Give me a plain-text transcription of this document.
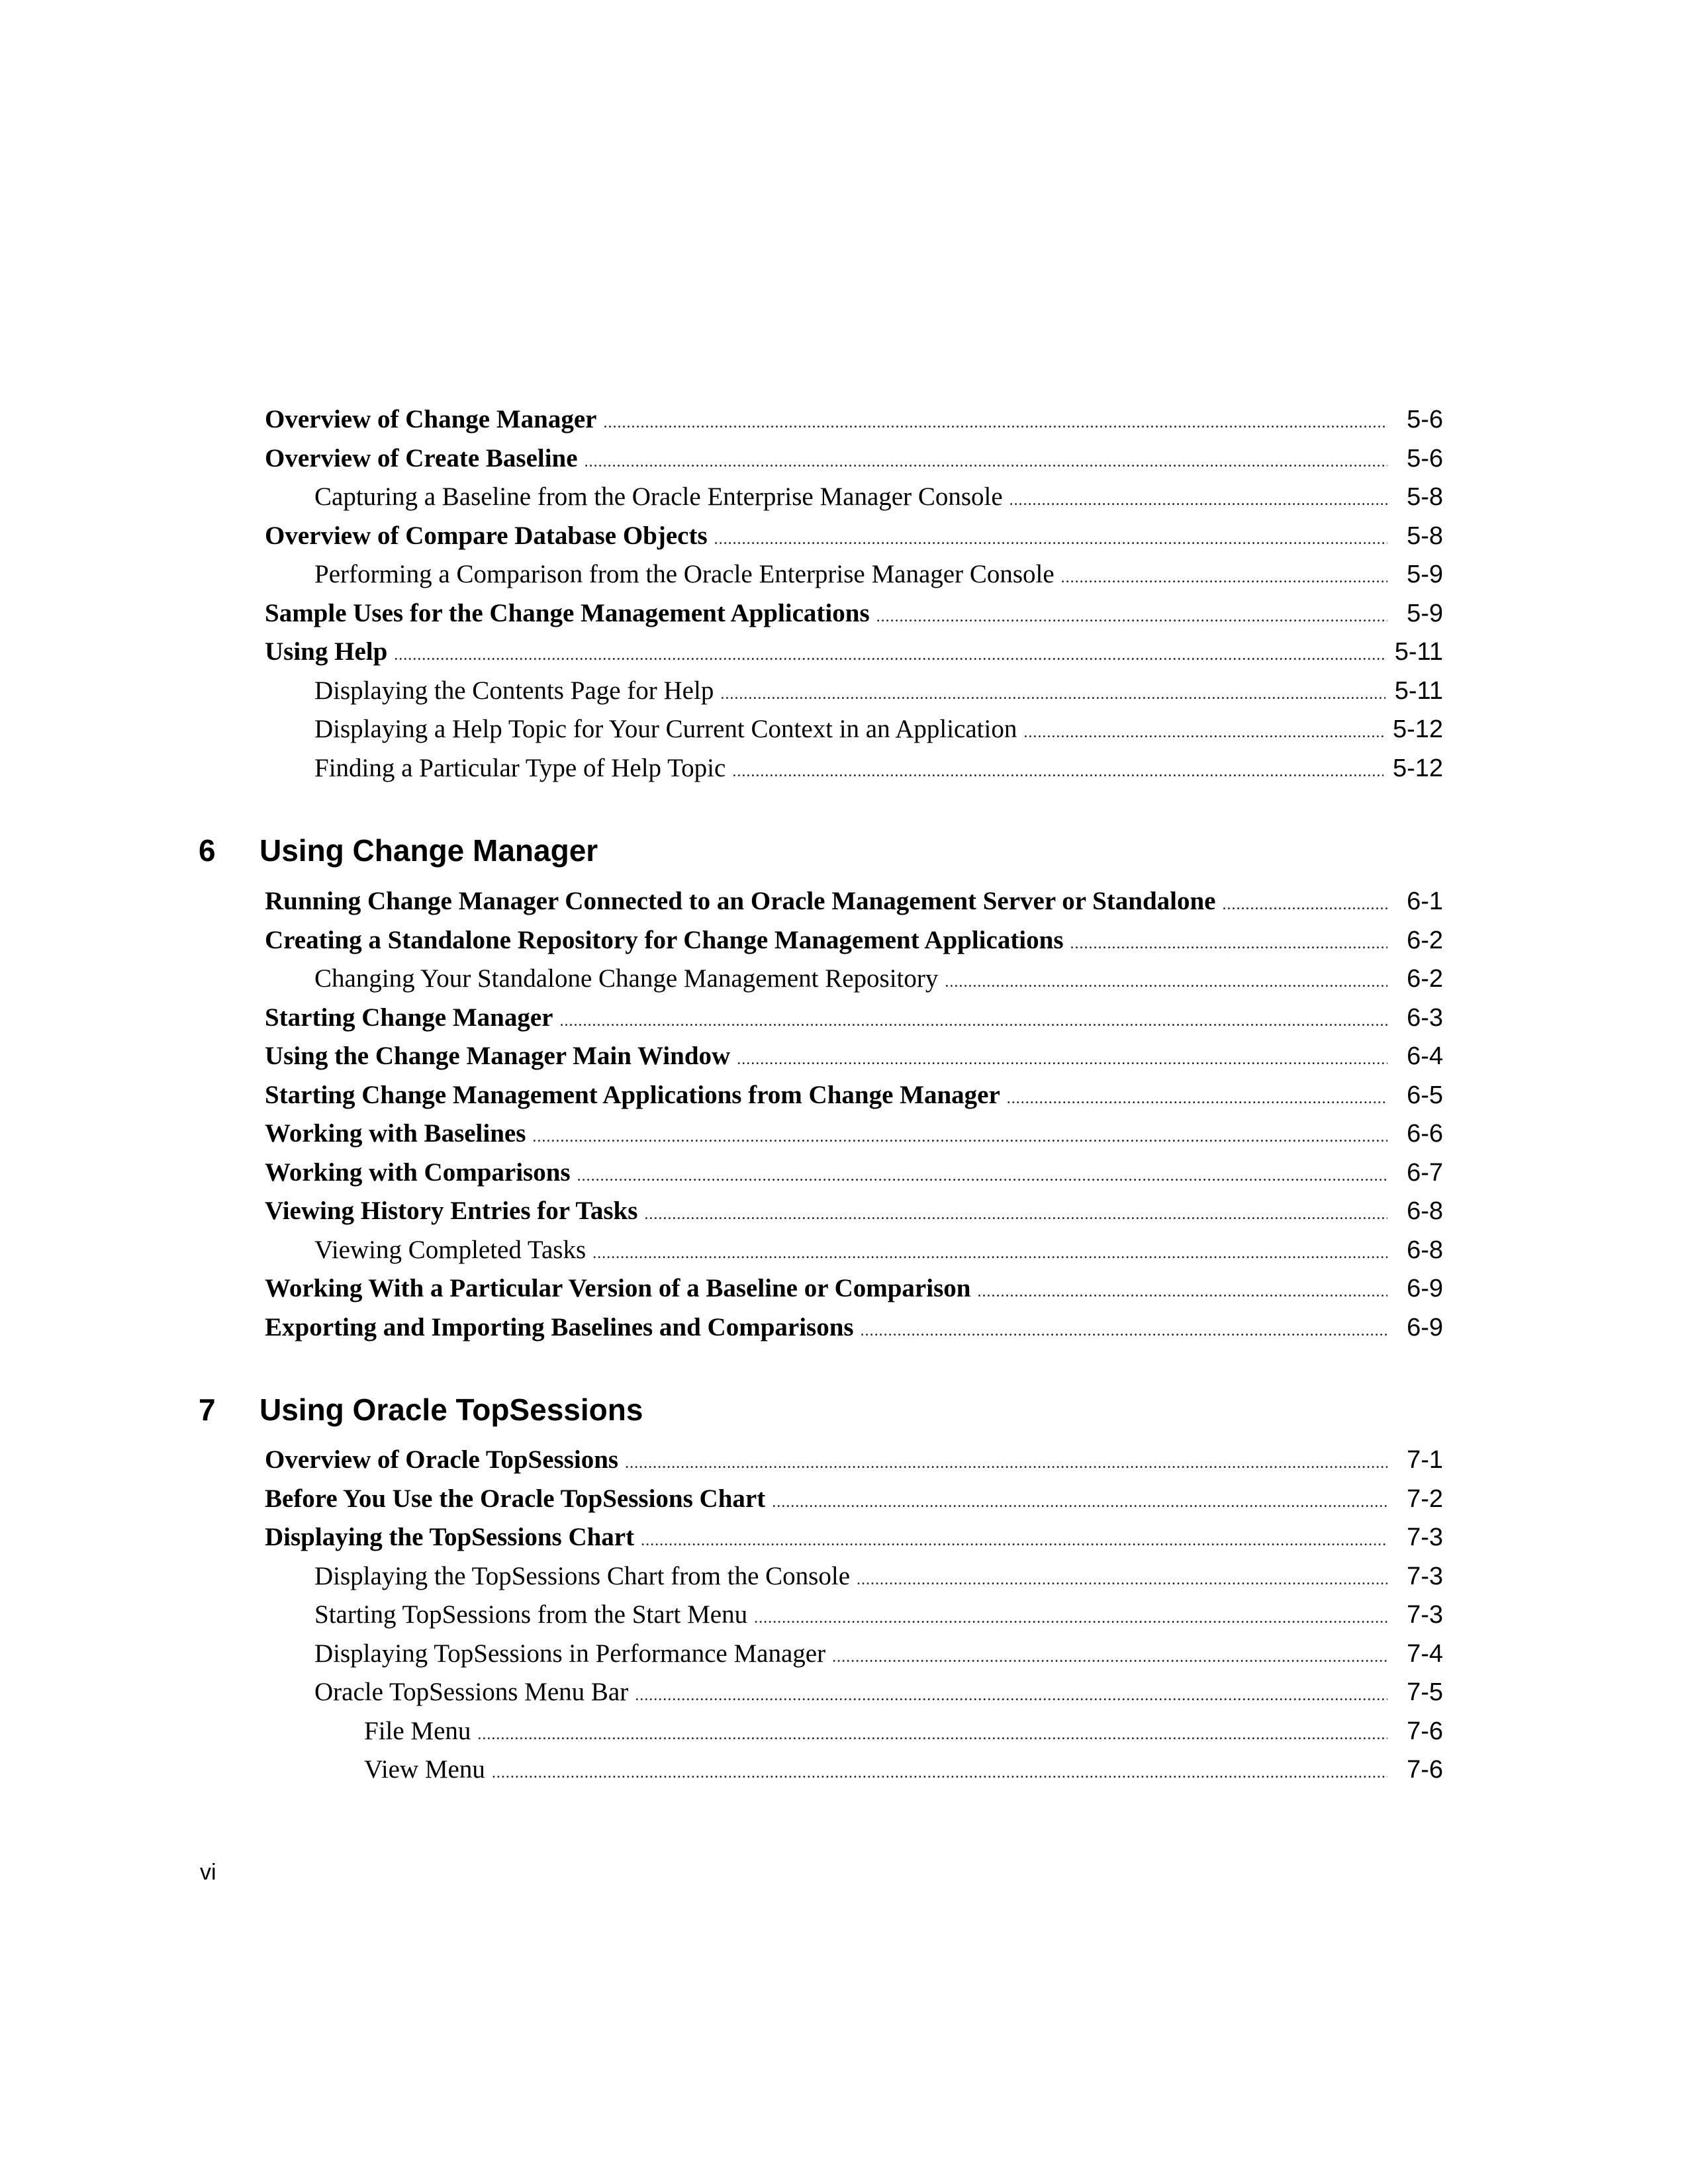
Overview of Change Manager .....	5-6
Overview of Create Baseline .....	5-6
Capturing a Baseline from the Oracle Enterprise Manager Console .....	5-8
Overview of Compare Database Objects .....	5-8
Performing a Comparison from the Oracle Enterprise Manager Console .....	5-9
Sample Uses for the Change Management Applications .....	5-9
Using Help .....	5-11
Displaying the Contents Page for Help .....	5-11
Displaying a Help Topic for Your Current Context in an Application .....	5-12
Finding a Particular Type of Help Topic .....	5-12
6 Using Change Manager
Running Change Manager Connected to an Oracle Management Server or Standalone .....	6-1
Creating a Standalone Repository for Change Management Applications .....	6-2
Changing Your Standalone Change Management Repository .....	6-2
Starting Change Manager .....	6-3
Using the Change Manager Main Window .....	6-4
Starting Change Management Applications from Change Manager .....	6-5
Working with Baselines .....	6-6
Working with Comparisons .....	6-7
Viewing History Entries for Tasks .....	6-8
Viewing Completed Tasks .....	6-8
Working With a Particular Version of a Baseline or Comparison .....	6-9
Exporting and Importing Baselines and Comparisons .....	6-9
7 Using Oracle TopSessions
Overview of Oracle TopSessions .....	7-1
Before You Use the Oracle TopSessions Chart .....	7-2
Displaying the TopSessions Chart .....	7-3
Displaying the TopSessions Chart from the Console .....	7-3
Starting TopSessions from the Start Menu .....	7-3
Displaying TopSessions in Performance Manager .....	7-4
Oracle TopSessions Menu Bar .....	7-5
File Menu .....	7-6
View Menu .....	7-6
vi
